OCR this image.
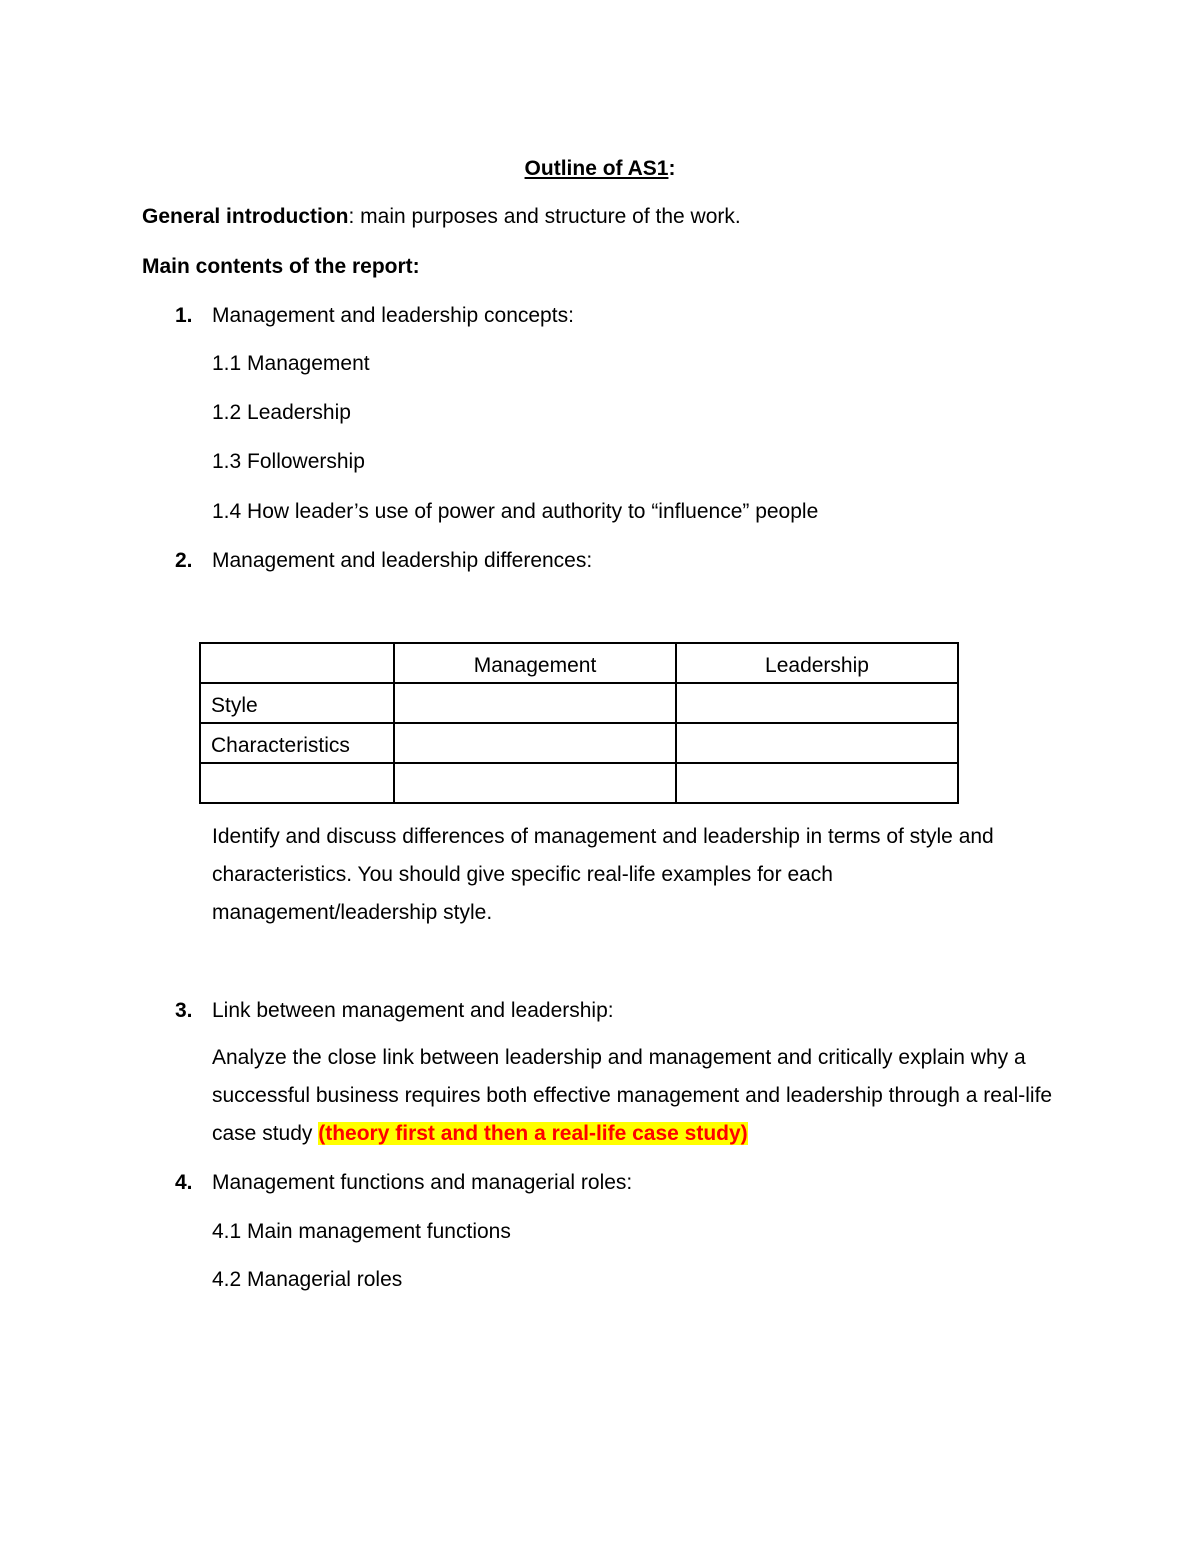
Outline of AS1:
General introduction: main purposes and structure of the work.
Main contents of the report:
1. Management and leadership concepts:
1.1 Management
1.2 Leadership
1.3 Followership
1.4 How leader’s use of power and authority to “influence” people
2. Management and leadership differences:

	Management	Leadership

Style		

Characteristics		

Identify and discuss differences of management and leadership in terms of style and characteristics. You should give specific real-life examples for each management/leadership style.
3. Link between management and leadership:
Analyze the close link between leadership and management and critically explain why a successful business requires both effective management and leadership through a real-life case study (theory first and then a real-life case study)
4. Management functions and managerial roles:
4.1 Main management functions
4.2 Managerial roles
